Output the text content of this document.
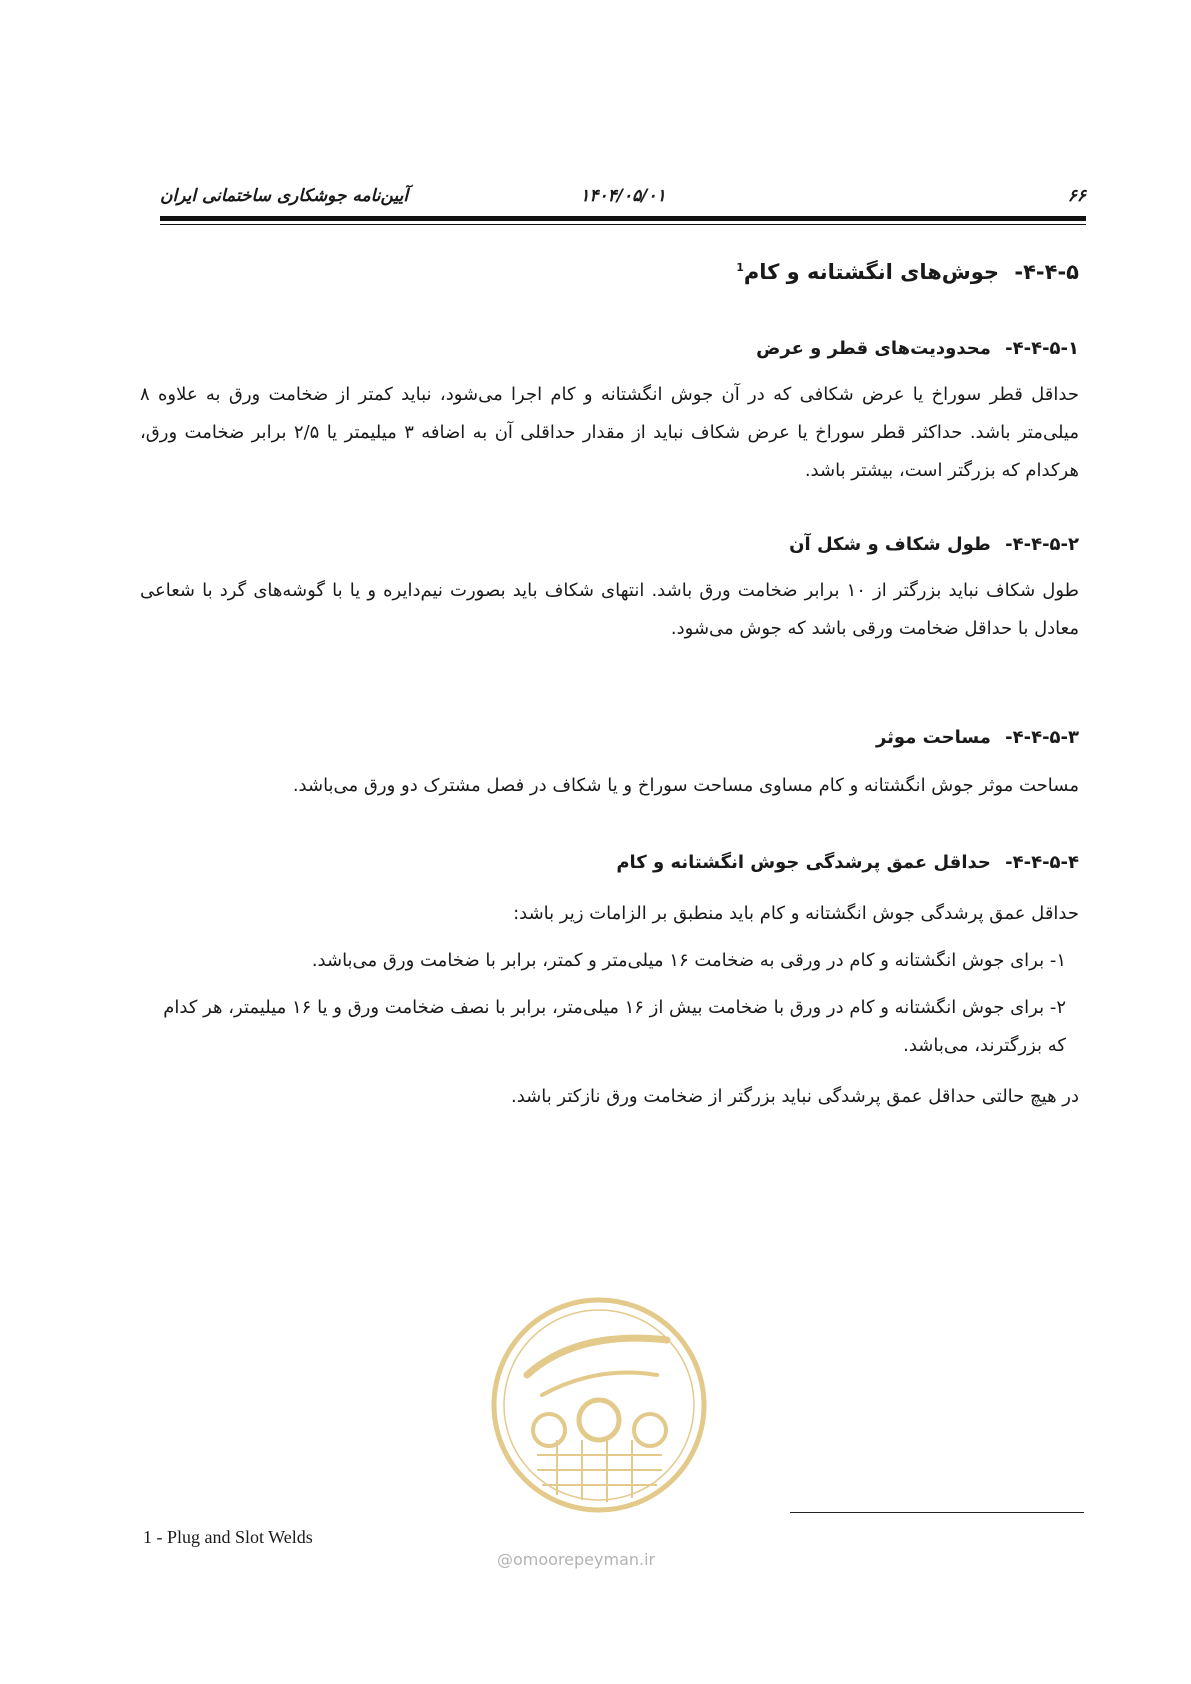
۶۶
۱۴۰۴/۰۵/۰۱
آیین‌نامه جوشکاری ساختمانی ایران
۴-۴-۵- جوش‌های انگشتانه و کام$^1$
۴-۴-۵-۱- محدودیت‌های قطر و عرض
حداقل قطر سوراخ یا عرض شکافی که در آن جوش انگشتانه و کام اجرا می‌شود، نباید کمتر از ضخامت ورق به علاوه ۸ میلی‌متر باشد. حداکثر قطر سوراخ یا عرض شکاف نباید از مقدار حداقلی آن به اضافه ۳ میلیمتر یا ۲/۵ برابر ضخامت ورق، هرکدام که بزرگتر است، بیشتر باشد.
۴-۴-۵-۲- طول شکاف و شکل آن
طول شکاف نباید بزرگتر از ۱۰ برابر ضخامت ورق باشد. انتهای شکاف باید بصورت نیم‌دایره و یا با گوشه‌های گرد با شعاعی معادل با حداقل ضخامت ورقی باشد که جوش می‌شود.
۴-۴-۵-۳- مساحت موثر
مساحت موثر جوش انگشتانه و کام مساوی مساحت سوراخ و یا شکاف در فصل مشترک دو ورق می‌باشد.
۴-۴-۵-۴- حداقل عمق پرشدگی جوش انگشتانه و کام
حداقل عمق پرشدگی جوش انگشتانه و کام باید منطبق بر الزامات زیر باشد:
۱- برای جوش انگشتانه و کام در ورقی به ضخامت ۱۶ میلی‌متر و کمتر، برابر با ضخامت ورق می‌باشد.
۲- برای جوش انگشتانه و کام در ورق با ضخامت بیش از ۱۶ میلی‌متر، برابر با نصف ضخامت ورق و یا ۱۶ میلیمتر، هر کدام که بزرگترند، می‌باشد.
در هیچ حالتی حداقل عمق پرشدگی نباید بزرگتر از ضخامت ورق نازکتر باشد.
@omoorepeyman.ir
1 - Plug and Slot Welds
